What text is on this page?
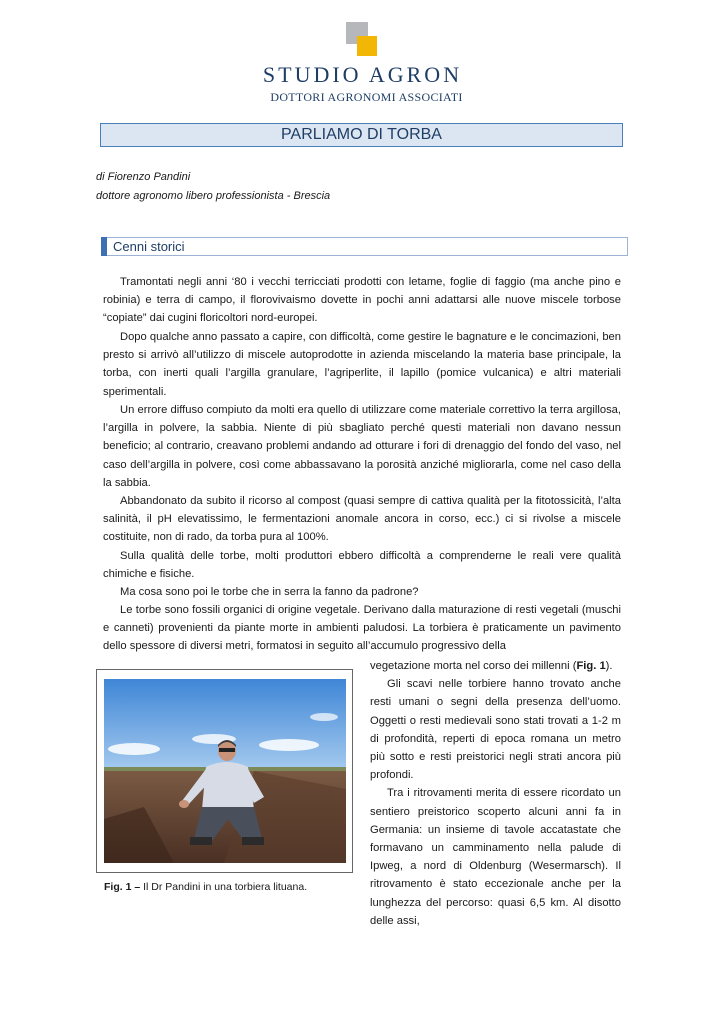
STUDIO AGRON
DOTTORI AGRONOMI ASSOCIATI
PARLIAMO DI TORBA
di Fiorenzo Pandini
dottore agronomo libero professionista - Brescia
Cenni storici

Tramontati negli anni ‘80 i vecchi terricciati prodotti con letame, foglie di faggio (ma anche pino e robinia) e terra di campo, il florovivaismo dovette in pochi anni adattarsi alle nuove miscele torbose “copiate” dai cugini floricoltori nord-europei.

Dopo qualche anno passato a capire, con difficoltà, come gestire le bagnature e le concimazioni, ben presto si arrivò all’utilizzo di miscele autoprodotte in azienda miscelando la materia base principale, la torba, con inerti quali l’argilla granulare, l’agriperlite, il lapillo (pomice vulcanica) e altri materiali sperimentali.

Un errore diffuso compiuto da molti era quello di utilizzare come materiale correttivo la terra argillosa, l’argilla in polvere, la sabbia. Niente di più sbagliato perché questi materiali non davano nessun beneficio; al contrario, creavano problemi andando ad otturare i fori di drenaggio del fondo del vaso, nel caso dell’argilla in polvere, così come abbassavano la porosità anziché migliorarla, come nel caso della la sabbia.

Abbandonato da subito il ricorso al compost (quasi sempre di cattiva qualità per la fitotossicità, l’alta salinità, il pH elevatissimo, le fermentazioni anomale ancora in corso, ecc.) ci si rivolse a miscele costituite, non di rado, da torba pura al 100%.

Sulla qualità delle torbe, molti produttori ebbero difficoltà a comprenderne le reali vere qualità chimiche e fisiche.

Ma cosa sono poi le torbe che in serra la fanno da padrone?

Le torbe sono fossili organici di origine vegetale. Derivano dalla maturazione di resti vegetali (muschi e canneti) provenienti da piante morte in ambienti paludosi. La torbiera è praticamente un pavimento dello spessore di diversi metri, formatosi in seguito all’accumulo progressivo della

vegetazione morta nel corso dei millenni (Fig. 1).

Gli scavi nelle torbiere hanno trovato anche resti umani o segni della presenza dell’uomo. Oggetti o resti medievali sono stati trovati a 1-2 m di profondità, reperti di epoca romana un metro più sotto e resti preistorici negli strati ancora più profondi.

Tra i ritrovamenti merita di essere ricordato un sentiero preistorico scoperto alcuni anni fa in Germania: un insieme di tavole accatastate che formavano un camminamento nella palude di Ipweg, a nord di Oldenburg (Wesermarsch). Il ritrovamento è stato eccezionale anche per la lunghezza del percorso: quasi 6,5 km. Al disotto delle assi,

Fig. 1 – Il Dr Pandini in una torbiera lituana.
